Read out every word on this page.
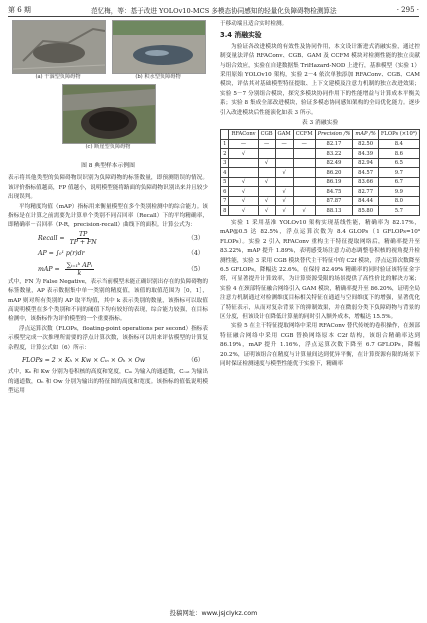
第 6 期	范忆梅，等：基于改进 YOLOv10-MCS 多模态协同感知的轻量化负障碍物检测算法	· 295 ·
(a) 干涸型负障碍物	(b) 积水型负障碍物
(c) 断崖型负障碍物
图 8 典型样本示例图

表示将其他类型的负障碍物误识别为负障碍物的标签数量，即预测错误的情况。该评价指标值越高，FP 值越小，说明模型能将路面的负障碍物识别出来并且较少出现误判。

平均精度均值（mAP）指标用来衡量模型在多个类别检测中的综合能力。该指标是在计算之前需要先计算单个类别不同召回率（Recall）下的平均精确率，即精确率－召回率（P-R，precision-recall）曲线下的面积。计算公式为：

Recall = $\frac{TP}{TP + FN}$	（3）
AP = ∫₀¹ p(r)dr	（4）
mAP = $\frac{\text{∑ᵢ₌₁ᵏ APᵢ}}{k}$	（5）

式中，FN 为 False Negative，表示当前模型未能正确识别出存在的负障碍物的标签数量，AP 表示数据集中单一类别的精度值，该值的取值范围为［0，1］，mAP 则对所有类别的 AP 取平均值，其中 k 表示类别的数量，该指标可以取值高说明模型在多个类别和不同的阈值下均有较好的表现，综合能力较强，在目标检测中，该指标作为评价模型的一个重要指标。

浮点运算次数（FLOPs，floating-point operations per second）指标表示模型完成一次推理所需要的浮点计算次数，该指标可以用来评估模型的计算复杂程度，计算公式如（6）所示：

FLOPs = 2 × Kₕ × Kw × Cᵢₙ × Oₕ × Ow	（6）

式中，Kₕ 和 Kw 分别为卷积核的高度和宽度，Cᵢₙ 为输入的通道数，Cₒᵤₜ 为输出的通道数，Oₕ 和 Ow 分别为输出的特征图的高度和宽度。该指标的值低说明模型运用

于移动端且适合实时检测。

3.4 消融实验

为验证各改进模块的有效性及协同作用，本文设计渐进式消融实验，通过控制变量法评估 RFAConv、CGB、GAM 及 CCFM 模块对检测性能的独立贡献与组合效应，实验在自建数据集 TriHazard-NOD 上进行，基准模型（实验 1）采用原始 YOLOv10 架构，实验 2－4 依次单独添加 RFAConv、CGB、CAM 模块，评估其对基础模型特征提取、上下文建模及注意力机制的独立改进效果；实验 5－7 分别组合模块，探究多模块协同作用下的性能增益与计算成本平衡关系；实验 8 集成全部改进模块，验证多模态协同感知架构的全局优化能力。逐步引入改进模块后性能演化如表 3 所示。

表 3 消融实验
	RFAConv	CGB	GAM	CCFM	Precision /%	mAP /%	FLOPs (×10⁹)
1	—	—	—	—	82.17	82.50	8.4
2	√				83.22	84.39	8.6
3		√			82.49	82.94	6.5
4			√		86.20	84.57	9.7
5	√	√			86.19	83.66	6.7
6	√		√		84.75	82.77	9.9
7	√	√	√		87.87	84.44	8.0
8	√	√	√	√	88.13	85.80	5.7

实验 1 采用基准 YOLOv10 架构实现基线性能，精确率为 82.17%，mAP@0.5 达 82.5%，浮点运算次数为 8.4 GLOPs（1 GFLOPs=10⁹ FLOPs）。实验 2 引入 RFAConv 重构主干特征提取网络后，精确率提升至 83.22%，mAP 提升 1.89%，表明感受场注意力动态调整卷积核的视角提升检测性能，实验 3 采用 CGB 模块替代主干特征中的 C2f 模块，浮点运算次数降至 6.5 GFLOPs，降幅达 22.6%，在保持 82.49% 精确率的同时验证该特征金字塔，可显著提升计算效率，为计算资源受限的场景提供了高性价比的解决方案；实验 4 在颈部特征融合网络引入 GAM 模块，精确率提升至 86.20%，证明全局注意力机制通过对检测维度目标相关特征在通道与空间维度下的增强，显著优化了特征表示，从而对复杂背景下的抑制效果，并在微弱分类下负障碍物与背景的区分度，但该设计在降低计算量的同时引入额外成本，增幅达 15.5%。

实验 5 在主干特征提取网络中采用 RFAConv 替代传统的卷积操作，在颈部特征融合网络中采用 CGB 替换网络原本 C2f 结构，该组合精确率达到 86.19%，mAP 提升 1.16%，浮点运算次数下降至 6.7 GFLOPs，降幅 20.2%，证明该组合在精度与计算量间达到优异平衡，在计算资源有限的场景下同时保证检测速度与模型性能优于实验下，精确率

投稿网址：www.jsjclykz.com
